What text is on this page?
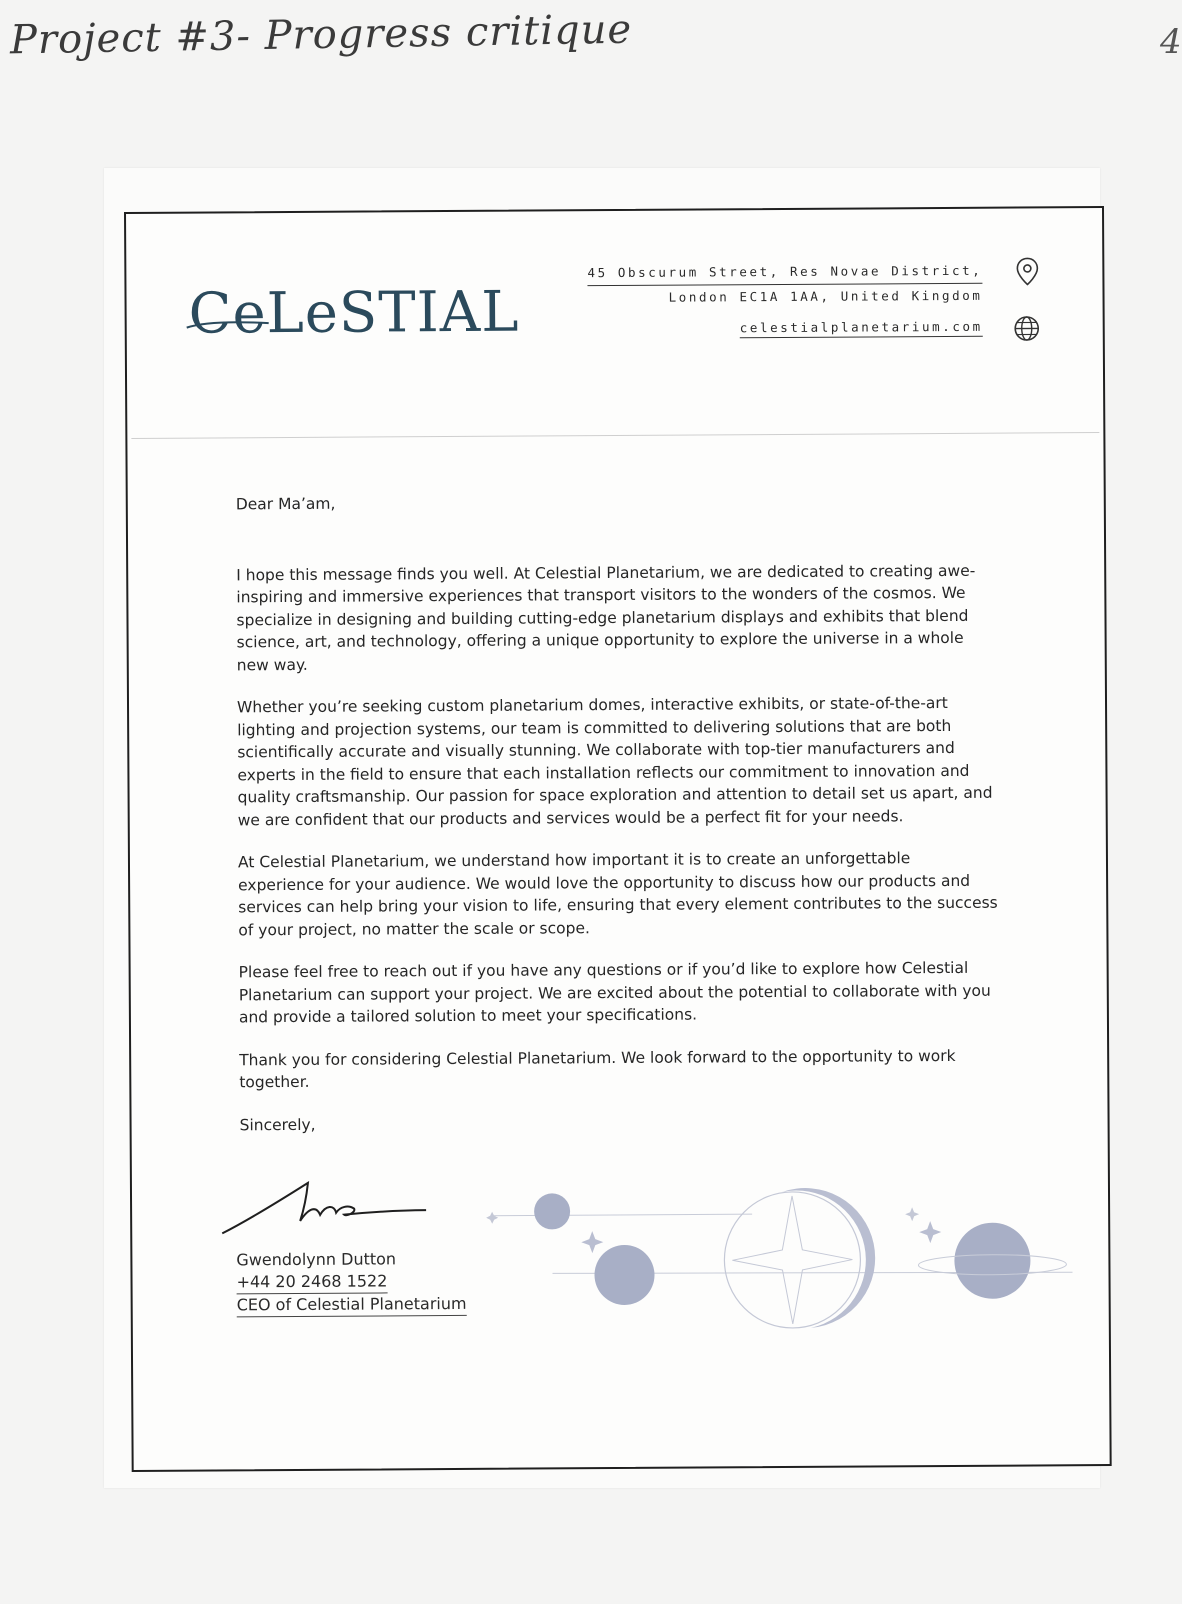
Project #3- Progress critique	4
CeLeSTIAL
45 Obscurum Street, Res Novae District,
London EC1A 1AA, United Kingdom
celestialplanetarium.com

Dear Ma’am,

I hope this message finds you well. At Celestial Planetarium, we are dedicated to creating awe-inspiring and immersive experiences that transport visitors to the wonders of the cosmos. We specialize in designing and building cutting-edge planetarium displays and exhibits that blend science, art, and technology, offering a unique opportunity to explore the universe in a whole new way.

Whether you’re seeking custom planetarium domes, interactive exhibits, or state-of-the-art lighting and projection systems, our team is committed to delivering solutions that are both scientifically accurate and visually stunning. We collaborate with top-tier manufacturers and experts in the field to ensure that each installation reflects our commitment to innovation and quality craftsmanship. Our passion for space exploration and attention to detail set us apart, and we are confident that our products and services would be a perfect fit for your needs.

At Celestial Planetarium, we understand how important it is to create an unforgettable experience for your audience. We would love the opportunity to discuss how our products and services can help bring your vision to life, ensuring that every element contributes to the success of your project, no matter the scale or scope.

Please feel free to reach out if you have any questions or if you’d like to explore how Celestial Planetarium can support your project. We are excited about the potential to collaborate with you and provide a tailored solution to meet your specifications.

Thank you for considering Celestial Planetarium. We look forward to the opportunity to work together.

Sincerely,

Gwendolynn Dutton
+44 20 2468 1522
CEO of Celestial Planetarium
